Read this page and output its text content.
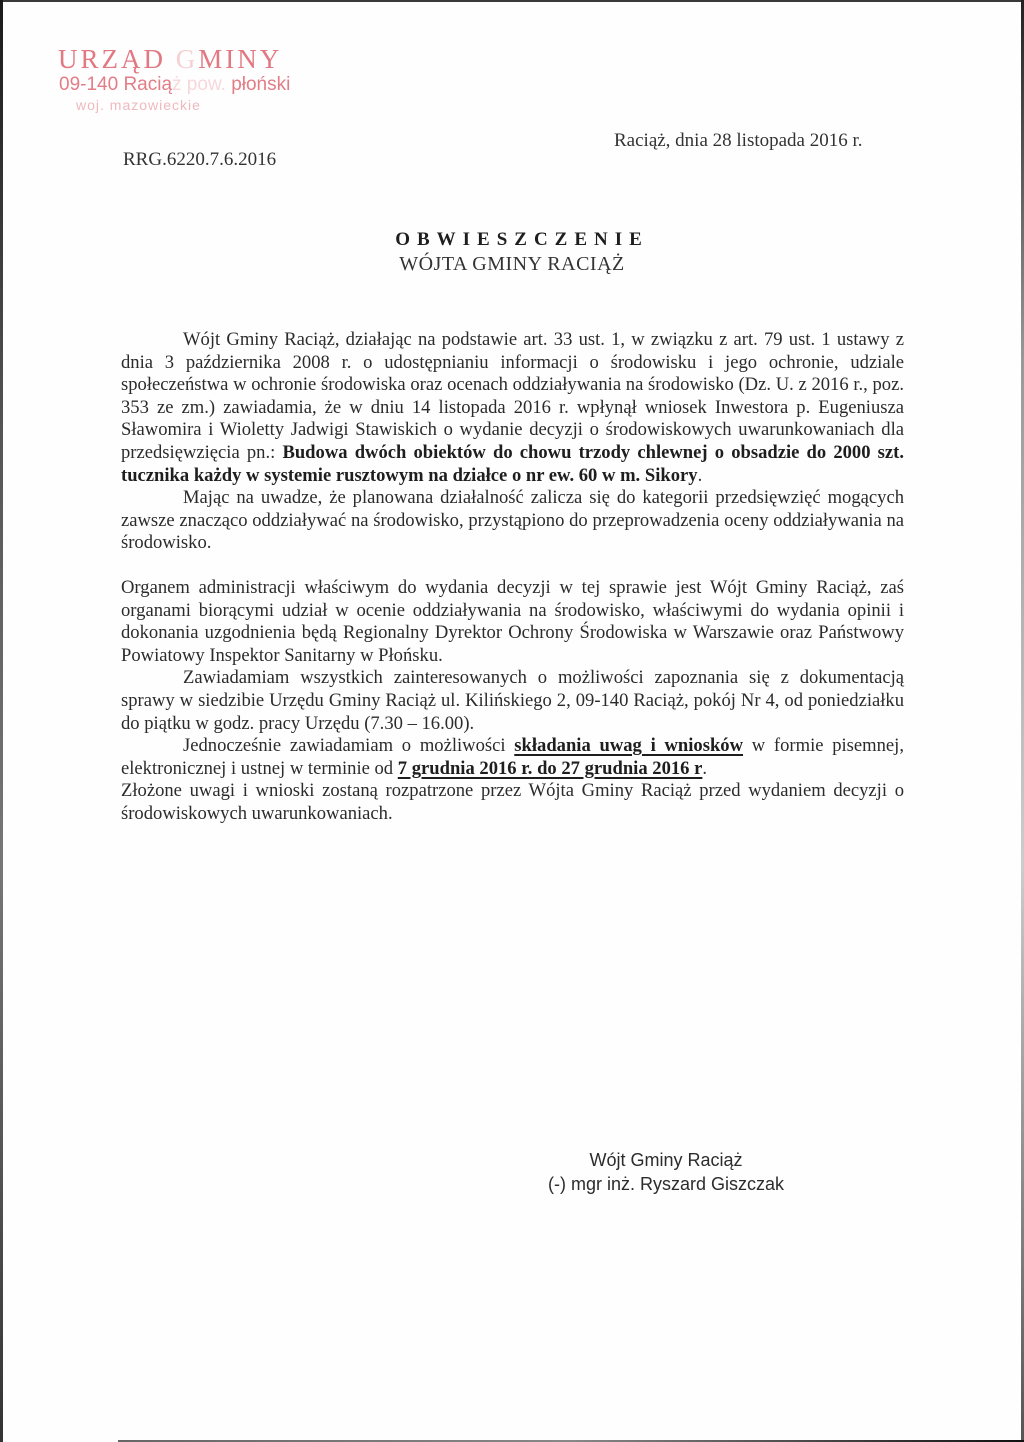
URZĄD GMINY
09-140 Raciąż pow. płoński
woj. mazowieckie
Raciąż, dnia 28 listopada 2016 r.
RRG.6220.7.6.2016
OBWIESZCZENIE
WÓJTA GMINY RACIĄŻ

Wójt Gminy Raciąż, działając na podstawie art. 33 ust. 1, w związku z art. 79 ust. 1 ustawy z dnia 3 października 2008 r. o udostępnianiu informacji o środowisku i jego ochronie, udziale społeczeństwa w ochronie środowiska oraz ocenach oddziaływania na środowisko (Dz. U. z 2016 r., poz. 353 ze zm.) zawiadamia, że w dniu 14 listopada 2016 r. wpłynął wniosek Inwestora p. Eugeniusza Sławomira i Wioletty Jadwigi Stawiskich o wydanie decyzji o środowiskowych uwarunkowaniach dla przedsięwzięcia pn.: Budowa dwóch obiektów do chowu trzody chlewnej o obsadzie do 2000 szt. tucznika każdy w systemie rusztowym na działce o nr ew. 60 w m. Sikory.

Mając na uwadze, że planowana działalność zalicza się do kategorii przedsięwzięć mogących zawsze znacząco oddziaływać na środowisko, przystąpiono do przeprowadzenia oceny oddziaływania na środowisko.

Organem administracji właściwym do wydania decyzji w tej sprawie jest Wójt Gminy Raciąż, zaś organami biorącymi udział w ocenie oddziaływania na środowisko, właściwymi do wydania opinii i dokonania uzgodnienia będą Regionalny Dyrektor Ochrony Środowiska w Warszawie oraz Państwowy Powiatowy Inspektor Sanitarny w Płońsku.

Zawiadamiam wszystkich zainteresowanych o możliwości zapoznania się z dokumentacją sprawy w siedzibie Urzędu Gminy Raciąż ul. Kilińskiego 2, 09-140 Raciąż, pokój Nr 4, od poniedziałku do piątku w godz. pracy Urzędu (7.30 – 16.00).

Jednocześnie zawiadamiam o możliwości składania uwag i wniosków w formie pisemnej, elektronicznej i ustnej w terminie od 7 grudnia 2016 r. do 27 grudnia 2016 r.

Złożone uwagi i wnioski zostaną rozpatrzone przez Wójta Gminy Raciąż przed wydaniem decyzji o środowiskowych uwarunkowaniach.

Wójt Gminy Raciąż
(-) mgr inż. Ryszard Giszczak
